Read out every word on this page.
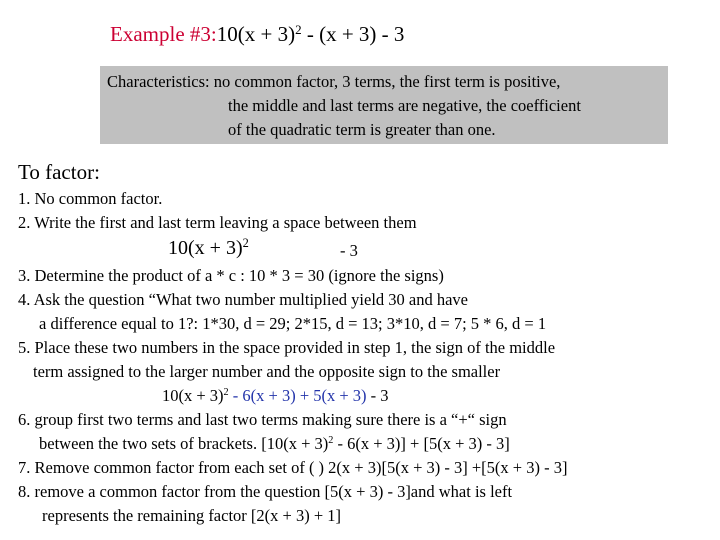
Example #3:10(x + 3)$^2$ - (x + 3) - 3
Characteristics: no common factor, 3 terms, the first term is positive,
the middle and last terms are negative, the coefficient
of the quadratic term is greater than one.
To factor:
1. No common factor.
2. Write the first and last term leaving a space between them
$10(x + 3)^2$	- 3
3. Determine the product of a * c : 10 * 3 = 30 (ignore the signs)
4. Ask the question “What two number multiplied yield 30 and have
a difference equal to 1?: 1*30, d = 29; 2*15, d = 13; 3*10, d = 7; 5 * 6, d = 1
5. Place these two numbers in the space provided in step 1, the sign of the middle
term assigned to the larger number and the opposite sign to the smaller
$10(x + 3)^2 - 6(x + 3) + 5(x + 3) - 3$
6. group first two terms and last two terms making sure there is a “+“ sign
between the two sets of brackets. $[10(x + 3)^2 - 6(x + 3)] + [5(x + 3) - 3]$
7. Remove common factor from each set of ( ) 2(x + 3)[5(x + 3) - 3] +[5(x + 3) - 3]
8. remove a common factor from the question [5(x + 3) - 3]and what is left
represents the remaining factor [2(x + 3) + 1]
